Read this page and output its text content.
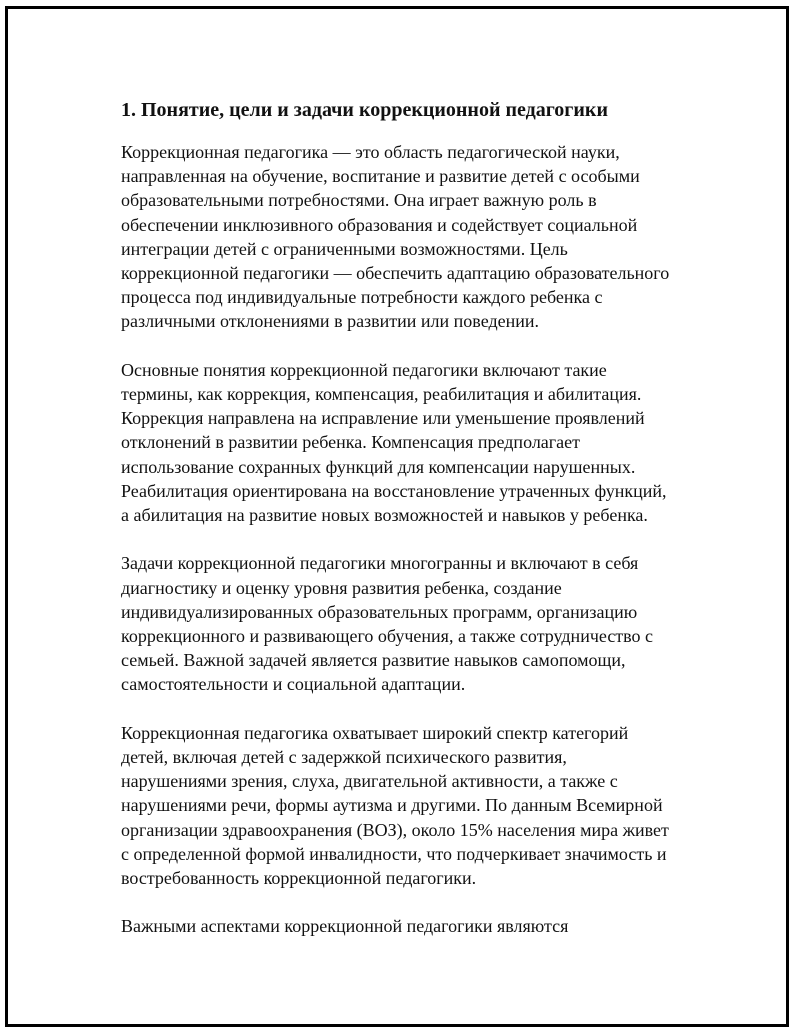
1. Понятие, цели и задачи коррекционной педагогики

Коррекционная педагогика — это область педагогической науки,
направленная на обучение, воспитание и развитие детей с особыми
образовательными потребностями. Она играет важную роль в
обеспечении инклюзивного образования и содействует социальной
интеграции детей с ограниченными возможностями. Цель
коррекционной педагогики — обеспечить адаптацию образовательного
процесса под индивидуальные потребности каждого ребенка с
различными отклонениями в развитии или поведении.

Основные понятия коррекционной педагогики включают такие
термины, как коррекция, компенсация, реабилитация и абилитация.
Коррекция направлена на исправление или уменьшение проявлений
отклонений в развитии ребенка. Компенсация предполагает
использование сохранных функций для компенсации нарушенных.
Реабилитация ориентирована на восстановление утраченных функций,
а абилитация на развитие новых возможностей и навыков у ребенка.

Задачи коррекционной педагогики многогранны и включают в себя
диагностику и оценку уровня развития ребенка, создание
индивидуализированных образовательных программ, организацию
коррекционного и развивающего обучения, а также сотрудничество с
семьей. Важной задачей является развитие навыков самопомощи,
самостоятельности и социальной адаптации.

Коррекционная педагогика охватывает широкий спектр категорий
детей, включая детей с задержкой психического развития,
нарушениями зрения, слуха, двигательной активности, а также с
нарушениями речи, формы аутизма и другими. По данным Всемирной
организации здравоохранения (ВОЗ), около 15% населения мира живет
с определенной формой инвалидности, что подчеркивает значимость и
востребованность коррекционной педагогики.

Важными аспектами коррекционной педагогики являются
